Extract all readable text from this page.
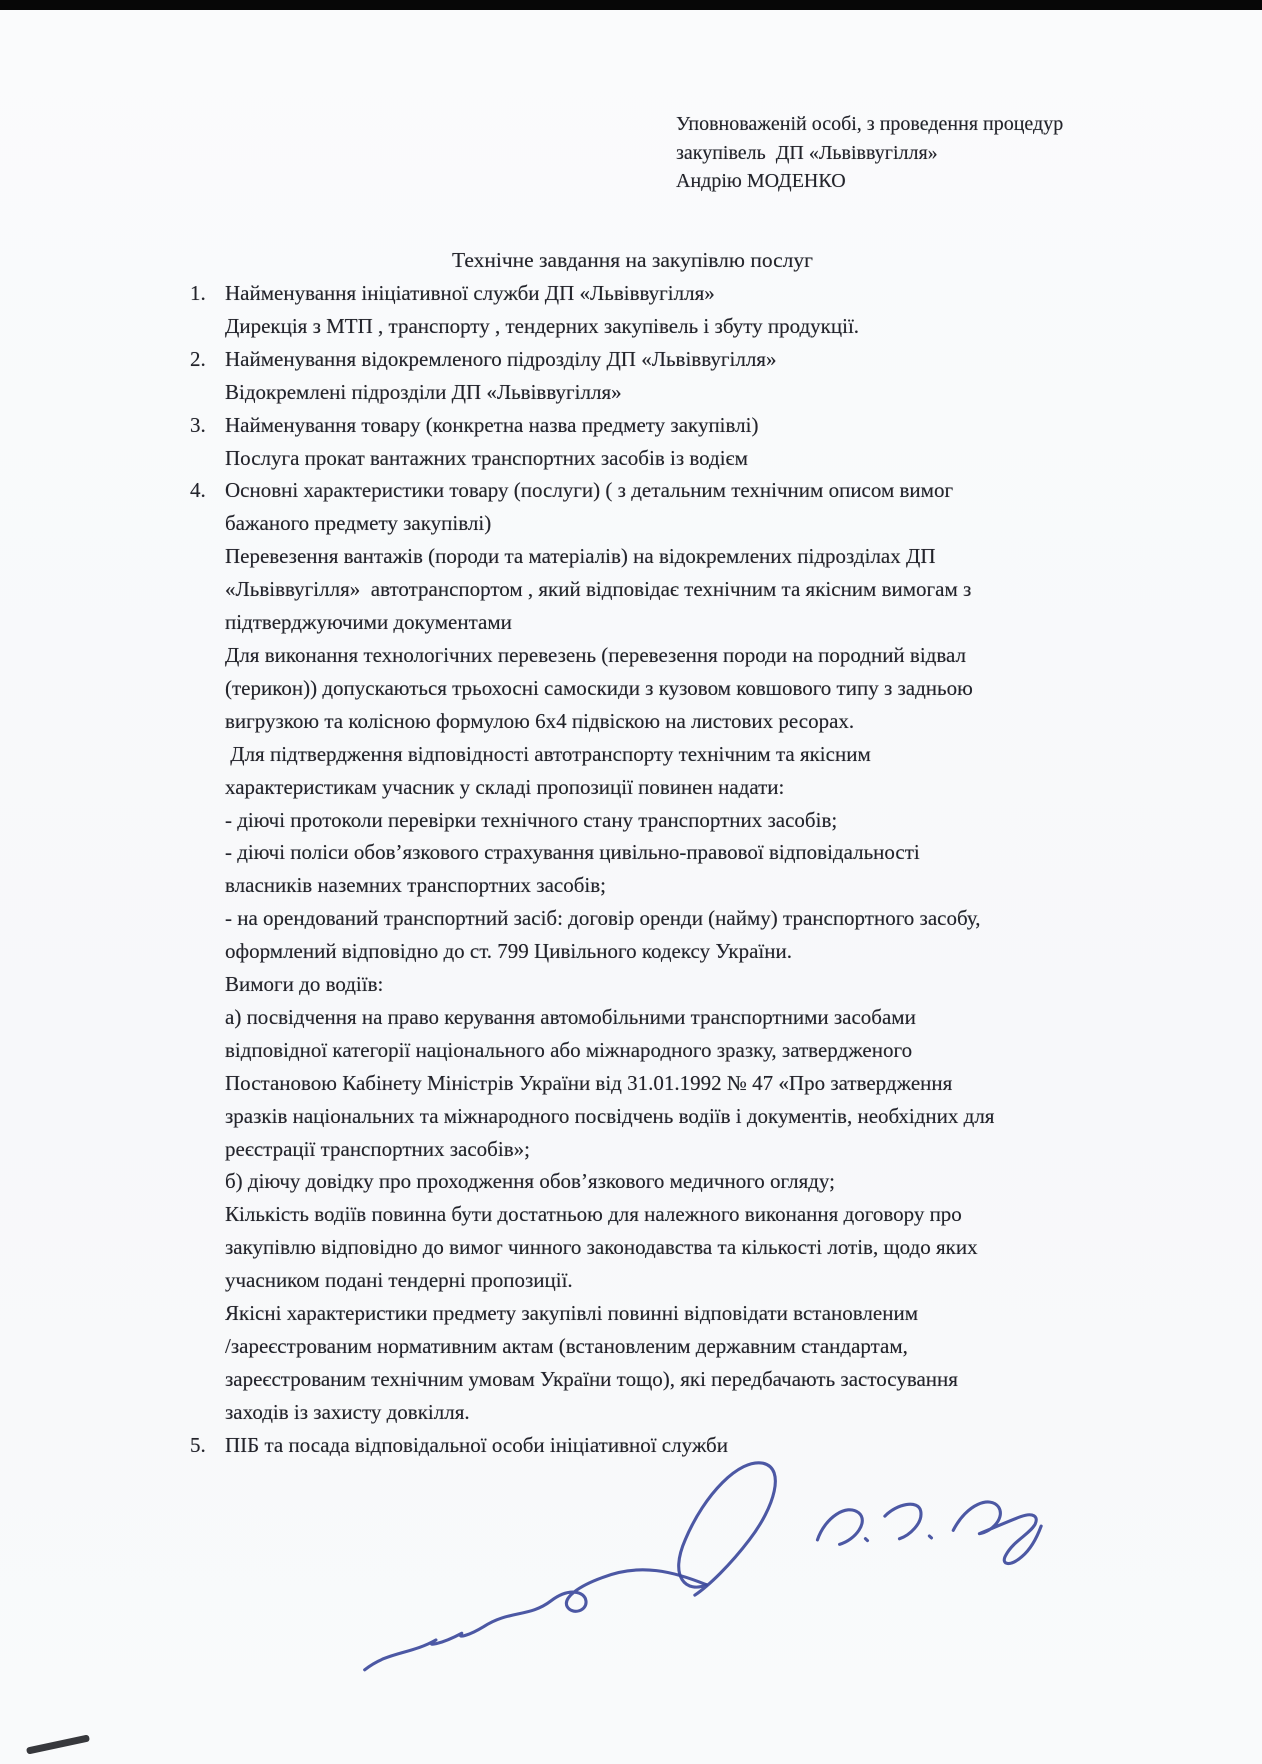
Уповноваженій особі, з проведення процедур
закупівель  ДП «Львіввугілля»
Андрію МОДЕНКО
Технічне завдання на закупівлю послуг
1. Найменування ініціативної служби ДП «Львіввугілля»
Дирекція з МТП , транспорту , тендерних закупівель і збуту продукції.
2. Найменування відокремленого підрозділу ДП «Львіввугілля»
Відокремлені підрозділи ДП «Львіввугілля»
3. Найменування товару (конкретна назва предмету закупівлі)
Послуга прокат вантажних транспортних засобів із водієм
4. Основні характеристики товару (послуги) ( з детальним технічним описом вимог
бажаного предмету закупівлі)
Перевезення вантажів (породи та матеріалів) на відокремлених підрозділах ДП
«Львіввугілля»  автотранспортом , який відповідає технічним та якісним вимогам з
підтверджуючими документами
Для виконання технологічних перевезень (перевезення породи на породний відвал
(терикон)) допускаються трьохосні самоскиди з кузовом ковшового типу з задньою
вигрузкою та колісною формулою 6х4 підвіскою на листових ресорах.
Для підтвердження відповідності автотранспорту технічним та якісним
характеристикам учасник у складі пропозиції повинен надати:
- діючі протоколи перевірки технічного стану транспортних засобів;
- діючі поліси обов’язкового страхування цивільно-правової відповідальності
власників наземних транспортних засобів;
- на орендований транспортний засіб: договір оренди (найму) транспортного засобу,
оформлений відповідно до ст. 799 Цивільного кодексу України.
Вимоги до водіїв:
а) посвідчення на право керування автомобільними транспортними засобами
відповідної категорії національного або міжнародного зразку, затвердженого
Постановою Кабінету Міністрів України від 31.01.1992 № 47 «Про затвердження
зразків національних та міжнародного посвідчень водіїв і документів, необхідних для
реєстрації транспортних засобів»;
б) діючу довідку про проходження обов’язкового медичного огляду;
Кількість водіїв повинна бути достатньою для належного виконання договору про
закупівлю відповідно до вимог чинного законодавства та кількості лотів, щодо яких
учасником подані тендерні пропозиції.
Якісні характеристики предмету закупівлі повинні відповідати встановленим
/зареєстрованим нормативним актам (встановленим державним стандартам,
зареєстрованим технічним умовам України тощо), які передбачають застосування
заходів із захисту довкілля.
5. ПІБ та посада відповідальної особи ініціативної служби
